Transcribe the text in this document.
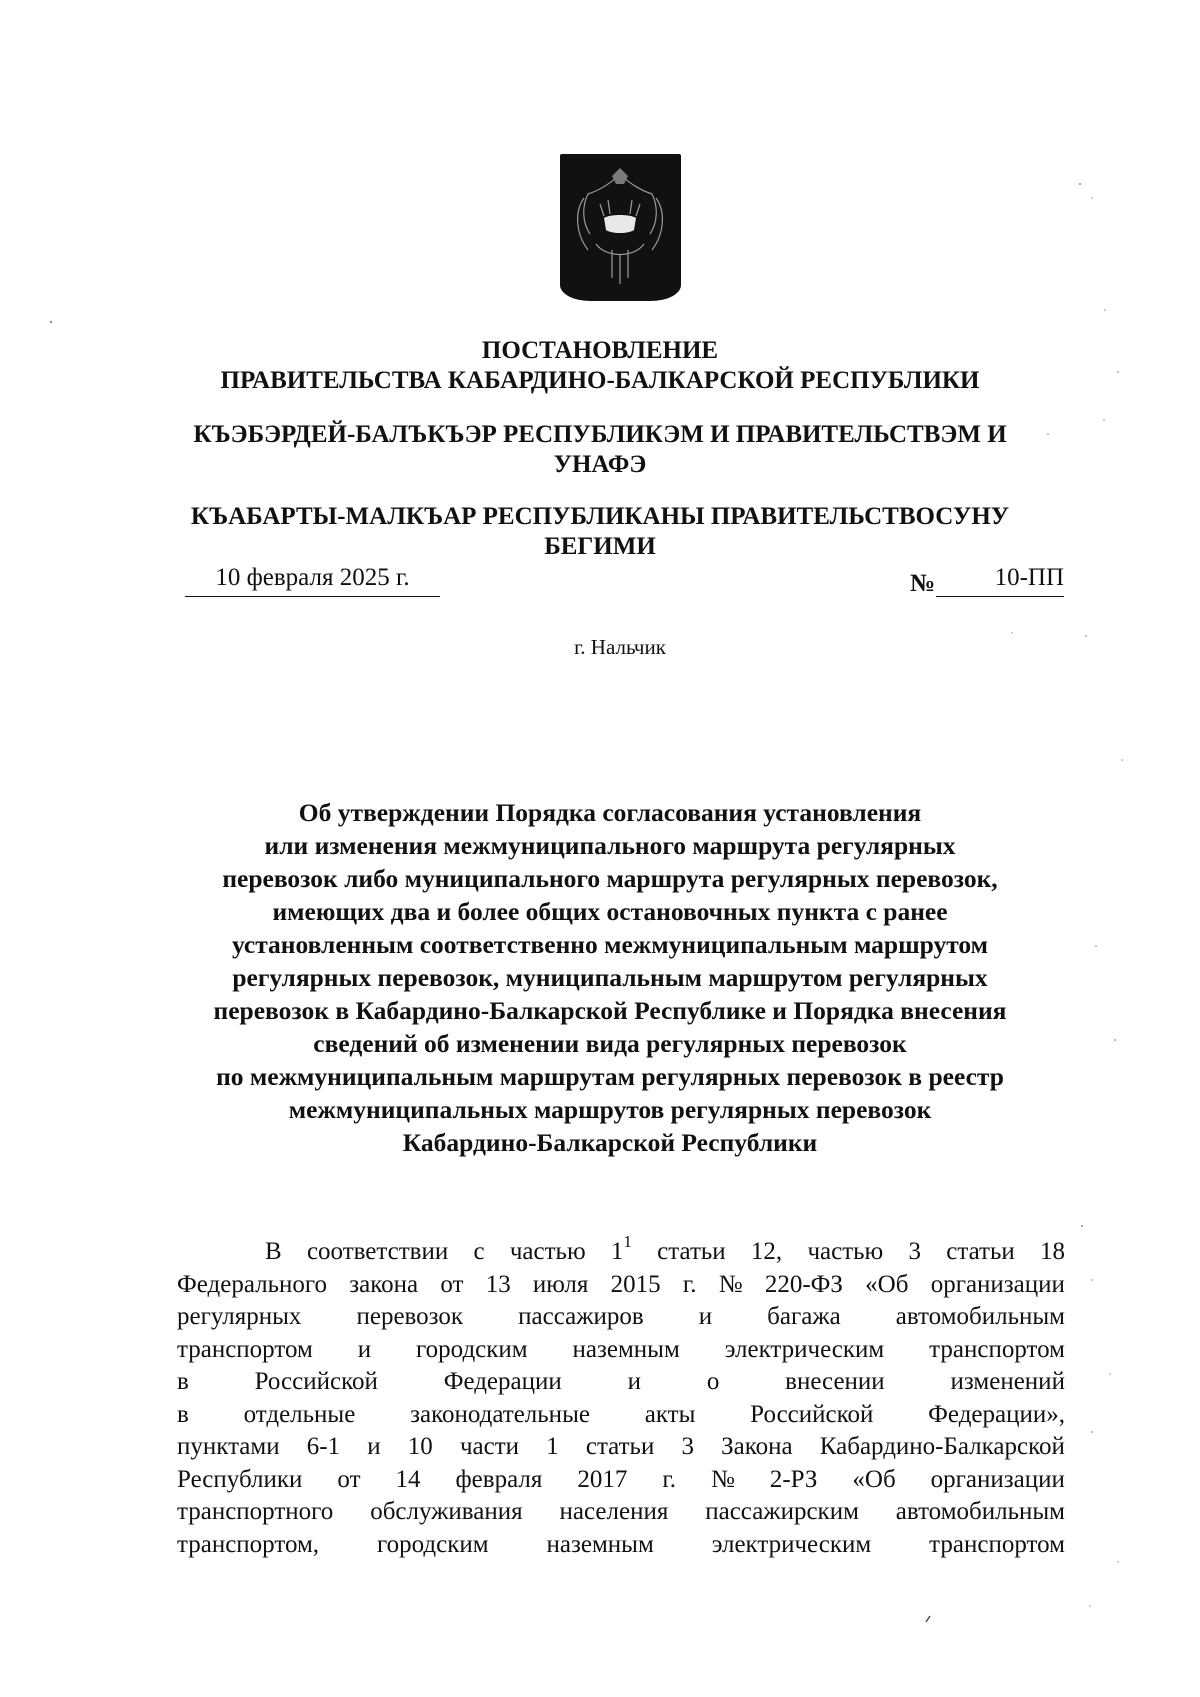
ПОСТАНОВЛЕНИЕ
ПРАВИТЕЛЬСТВА КАБАРДИНО-БАЛКАРСКОЙ РЕСПУБЛИКИ
КЪЭБЭРДЕЙ-БАЛЪКЪЭР РЕСПУБЛИКЭМ И ПРАВИТЕЛЬСТВЭМ И
УНАФЭ
КЪАБАРТЫ-МАЛКЪАР РЕСПУБЛИКАНЫ ПРАВИТЕЛЬСТВОСУНУ
БЕГИМИ
10 февраля 2025 г.	№	10-ПП
г. Нальчик
Об утверждении Порядка согласования установления
или изменения межмуниципального маршрута регулярных
перевозок либо муниципального маршрута регулярных перевозок,
имеющих два и более общих остановочных пункта с ранее
установленным соответственно межмуниципальным маршрутом
регулярных перевозок, муниципальным маршрутом регулярных
перевозок в Кабардино-Балкарской Республике и Порядка внесения
сведений об изменении вида регулярных перевозок
по межмуниципальным маршрутам регулярных перевозок в реестр
межмуниципальных маршрутов регулярных перевозок
Кабардино-Балкарской Республики
В соответствии с частью $1^1$ статьи 12, частью 3 статьи 18
Федерального закона от 13 июля 2015 г. № 220-ФЗ «Об организации
регулярных перевозок пассажиров и багажа автомобильным
транспортом и городским наземным электрическим транспортом
в	Российской	Федерации	и	о	внесении	изменений
в отдельные законодательные акты Российской Федерации»,
пунктами 6-1 и 10 части 1 статьи 3 Закона Кабардино-Балкарской
Республики от 14 февраля 2017 г. № 2-РЗ «Об организации
транспортного обслуживания населения пассажирским автомобильным
транспортом, городским наземным электрическим транспортом
